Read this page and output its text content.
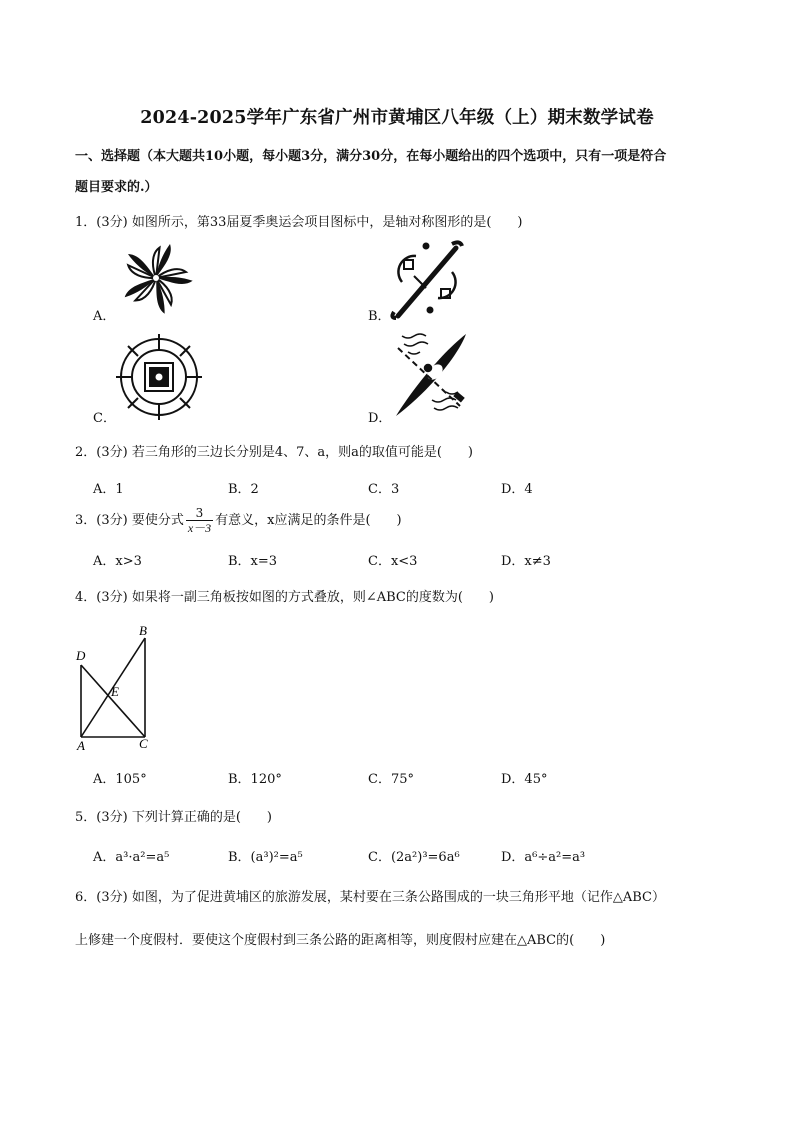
2024-2025学年广东省广州市黄埔区八年级（上）期末数学试卷
一、选择题（本大题共10小题，每小题3分，满分30分，在每小题给出的四个选项中，只有一项是符合
题目要求的.）
1．(3分) 如图所示，第33届夏季奥运会项目图标中，是轴对称图形的是(　　)
A．	B．
C．	D．
2．(3分) 若三角形的三边长分别是4、7、a，则a的取值可能是(　　)
A．1	B．2	C．3	D．4
3．(3分) 要使分式 $\frac{3}{x-3}$ 有意义，x应满足的条件是(　　)
A．x>3	B．x=3	C．x<3	D．x≠3
4．(3分) 如果将一副三角板按如图的方式叠放，则∠ABC的度数为(　　)
D
B
E
A	C
A．105°	B．120°	C．75°	D．45°
5．(3分) 下列计算正确的是(　　)
A．a³·a²=a⁵	B．(a³)²=a⁵	C．(2a²)³=6a⁶	D．a⁶÷a²=a³
6．(3分) 如图，为了促进黄埔区的旅游发展，某村要在三条公路围成的一块三角形平地（记作△ABC）
上修建一个度假村．要使这个度假村到三条公路的距离相等，则度假村应建在△ABC的(　　)
